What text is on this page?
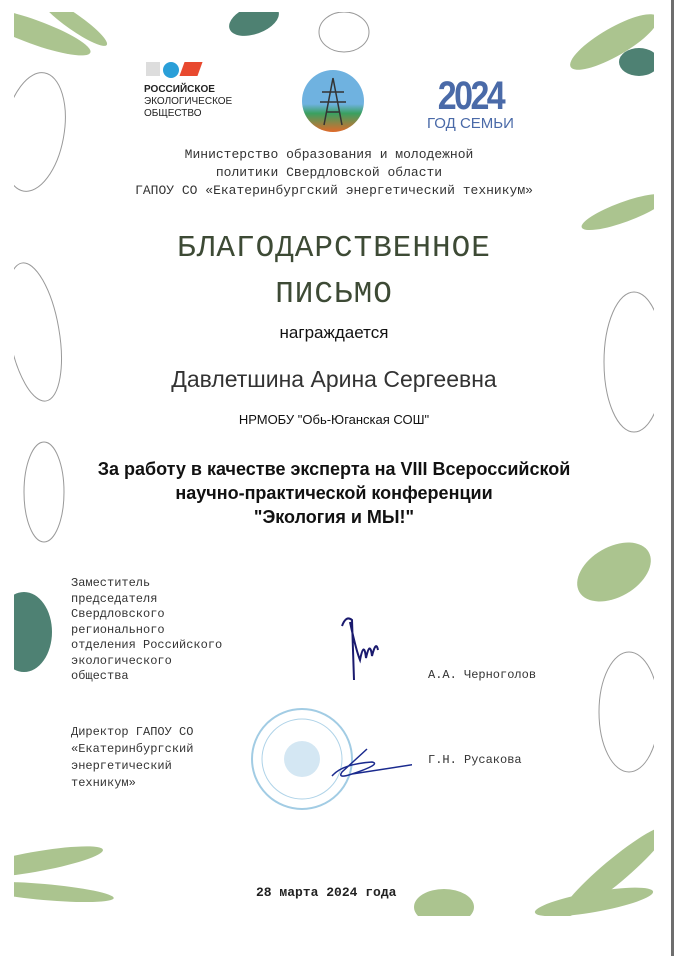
РОССИЙСКОЕ
ЭКОЛОГИЧЕСКОЕ
ОБЩЕСТВО	2024
ГОД СЕМЬИ
Министерство образования и молодежной
политики Свердловской области
ГАПОУ СО «Екатеринбургский энергетический техникум»
БЛАГОДАРСТВЕННОЕ
ПИСЬМО
награждается
Давлетшина Арина Сергеевна
НРМОБУ "Обь-Юганская СОШ"
За работу в качестве эксперта на VIII Всероссийской
научно-практической конференции
"Экология и МЫ!"
Заместитель
председателя
Свердловского
регионального
отделения Российского
экологического
общества	А.А. Черноголов
Директор ГАПОУ СО
«Екатеринбургский
энергетический
техникум»
Г.Н. Русакова
28 марта 2024 года
